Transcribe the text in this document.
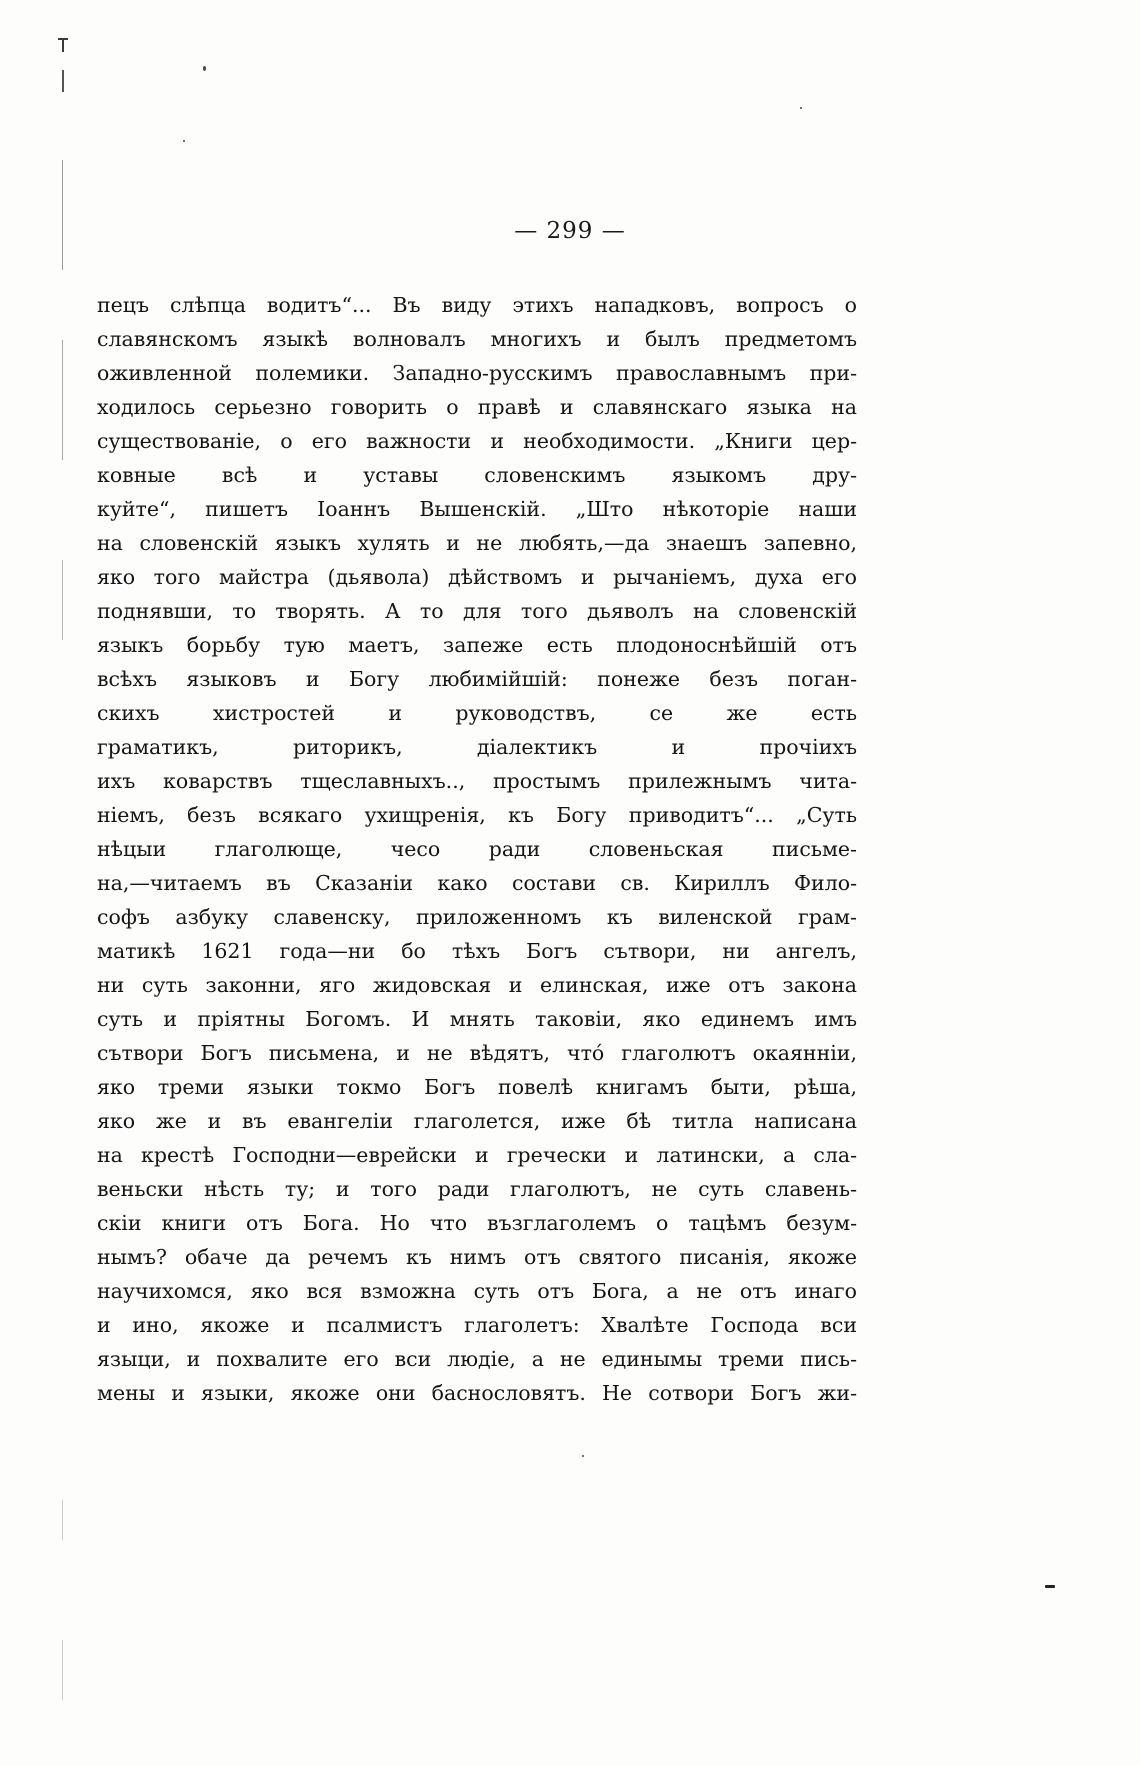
— 299 —
пецъ слѣпца водитъ“... Въ виду этихъ нападковъ, вопросъ о
славянскомъ языкѣ волновалъ многихъ и былъ предметомъ
оживленной полемики. Западно-русскимъ православнымъ при-
ходилось серьезно говорить о правѣ и славянскаго языка на
существованіе, о его важности и необходимости. „Книги цер-
ковные всѣ и уставы словенскимъ языкомъ дру-
куйте“, пишетъ Іоаннъ Вышенскій. „Што нѣкоторіе наши
на словенскій языкъ хулять и не любять,—да знаешъ запевно,
яко того майстра (дьявола) дѣйствомъ и рычаніемъ, духа его
поднявши, то творять. А то для того дьяволъ на словенскій
языкъ борьбу тую маетъ, запеже есть плодоноснѣйшій отъ
всѣхъ языковъ и Богу любимійшій: понеже безъ поган-
скихъ хистростей и руководствъ, се же есть
граматикъ, риторикъ, діалектикъ и прочіихъ
ихъ коварствъ тщеславныхъ.., простымъ прилежнымъ чита-
ніемъ, безъ всякаго ухищренія, къ Богу приводитъ“... „Суть
нѣцыи глаголюще, чесо ради словеньская письме-
на,—читаемъ въ Сказаніи како состави св. Кириллъ Фило-
софъ азбуку славенску, приложенномъ къ виленской грам-
матикѣ 1621 года—ни бо тѣхъ Богъ сътвори, ни ангелъ,
ни суть законни, яго жидовская и елинская, иже отъ закона
суть и пріятны Богомъ. И мнять таковіи, яко единемъ имъ
сътвори Богъ письмена, и не вѣдятъ, что́ глаголютъ окаянніи,
яко треми языки токмо Богъ повелѣ книгамъ быти, рѣша,
яко же и въ евангеліи глаголется, иже бѣ титла написана
на крестѣ Господни—еврейски и гречески и латински, а сла-
веньски нѣсть ту; и того ради глаголютъ, не суть славень-
скіи книги отъ Бога. Но что възглаголемъ о тацѣмъ безум-
нымъ? обаче да речемъ къ нимъ отъ святого писанія, якоже
научихомся, яко вся взможна суть отъ Бога, а не отъ инаго
и ино, якоже и псалмистъ глаголетъ: Хвалѣте Господа вси
языци, и похвалите его вси людіе, а не единымы треми пись-
мены и языки, якоже они баснословятъ. Не сотвори Богъ жи-
